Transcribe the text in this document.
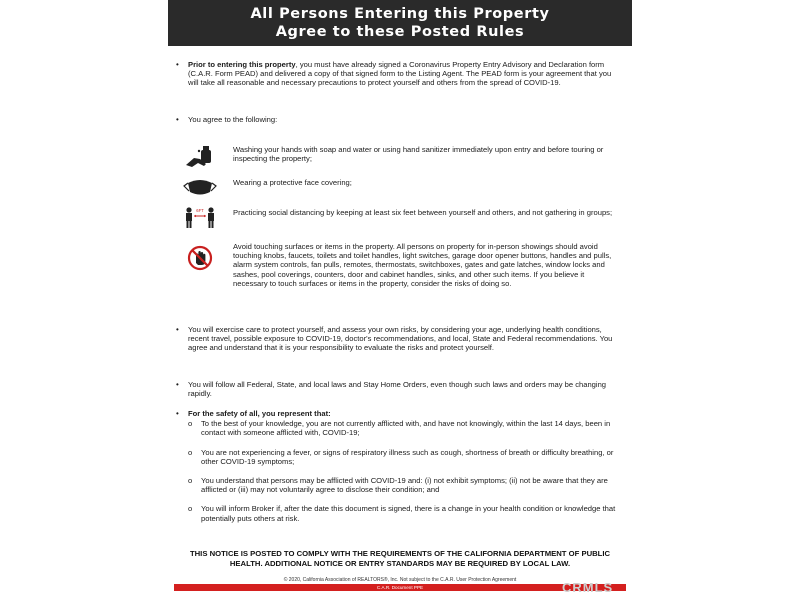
All Persons Entering this Property
Agree to these Posted Rules
• Prior to entering this property, you must have already signed a Coronavirus Property Entry Advisory and Declaration form (C.A.R. Form PEAD) and delivered a copy of that signed form to the Listing Agent. The PEAD form is your agreement that you will take all reasonable and necessary precautions to protect yourself and others from the spread of COVID-19.
• You agree to the following:
Washing your hands with soap and water or using hand sanitizer immediately upon entry and before touring or inspecting the property;
Wearing a protective face covering;
6FT	Practicing social distancing by keeping at least six feet between yourself and others, and not gathering in groups;
Avoid touching surfaces or items in the property. All persons on property for in-person showings should avoid touching knobs, faucets, toilets and toilet handles, light switches, garage door opener buttons, handles and pulls, alarm system controls, fan pulls, remotes, thermostats, switchboxes, gates and gate latches, window locks and sashes, pool coverings, counters, door and cabinet handles, sinks, and other such items. If you believe it necessary to touch surfaces or items in the property, consider the risks of doing so.
• You will exercise care to protect yourself, and assess your own risks, by considering your age, underlying health conditions, recent travel, possible exposure to COVID-19, doctor's recommendations, and local, State and Federal recommendations. You agree and understand that it is your responsibility to evaluate the risks and protect yourself.
• You will follow all Federal, State, and local laws and Stay Home Orders, even though such laws and orders may be changing rapidly.
• For the safety of all, you represent that:
o To the best of your knowledge, you are not currently afflicted with, and have not knowingly, within the last 14 days, been in contact with someone afflicted with, COVID-19;
o You are not experiencing a fever, or signs of respiratory illness such as cough, shortness of breath or difficulty breathing, or other COVID-19 symptoms;
o You understand that persons may be afflicted with COVID-19 and: (i) not exhibit symptoms; (ii) not be aware that they are afflicted or (iii) may not voluntarily agree to disclose their condition; and
o You will inform Broker if, after the date this document is signed, there is a change in your health condition or knowledge that potentially puts others at risk.
THIS NOTICE IS POSTED TO COMPLY WITH THE REQUIREMENTS OF THE CALIFORNIA DEPARTMENT OF PUBLIC HEALTH. ADDITIONAL NOTICE OR ENTRY STANDARDS MAY BE REQUIRED BY LOCAL LAW.
© 2020, California Association of REALTORS®, Inc. Not subject to the C.A.R. User Protection Agreement
C.A.R. Document PPE	CRMLS
